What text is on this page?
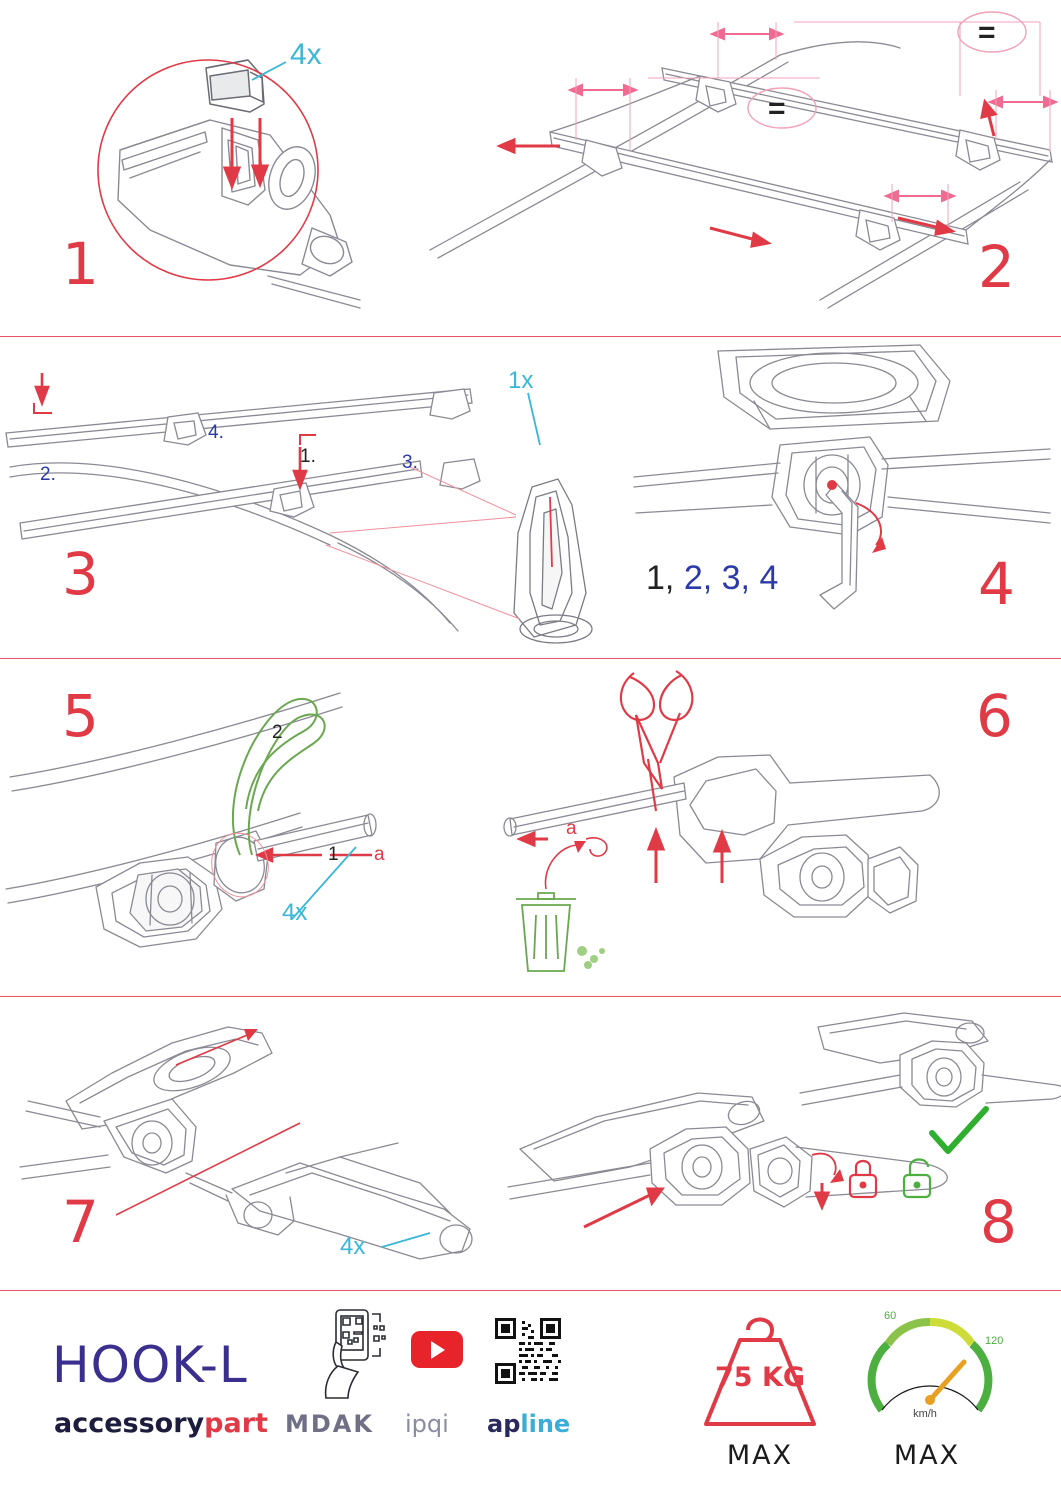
4x
1
=
=
2
1.
2.
3.
4.
1x
3	1, 2, 3, 4	4
5	2
1 a
4x
a
6
7	4x	8
HOOK-L
accessorypart MDAK ipqi apline
75 KG
MAX
60
120
km/h
MAX
